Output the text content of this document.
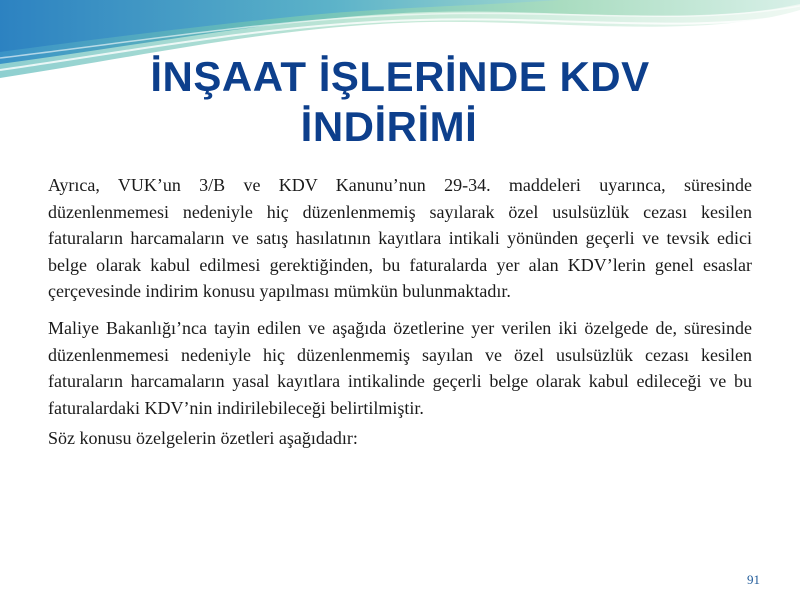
İNŞAAT İŞLERİNDE KDV
İNDİRİMİ

Ayrıca, VUK’un 3/B ve KDV Kanunu’nun 29-34. maddeleri uyarınca, süresinde düzenlenmemesi nedeniyle hiç düzenlenmemiş sayılarak özel usulsüzlük cezası kesilen faturaların harcamaların ve satış hasılatının kayıtlara intikali yönünden geçerli ve tevsik edici belge olarak kabul edilmesi gerektiğinden, bu faturalarda yer alan KDV’lerin genel esaslar çerçevesinde indirim konusu yapılması mümkün bulunmaktadır.

Maliye Bakanlığı’nca tayin edilen ve aşağıda özetlerine yer verilen iki özelgede de, süresinde düzenlenmemesi nedeniyle hiç düzenlenmemiş sayılan ve özel usulsüzlük cezası kesilen faturaların harcamaların yasal kayıtlara intikalinde geçerli belge olarak kabul edileceği ve bu faturalardaki KDV’nin indirilebileceği belirtilmiştir.

Söz konusu özelgelerin özetleri aşağıdadır:

91
